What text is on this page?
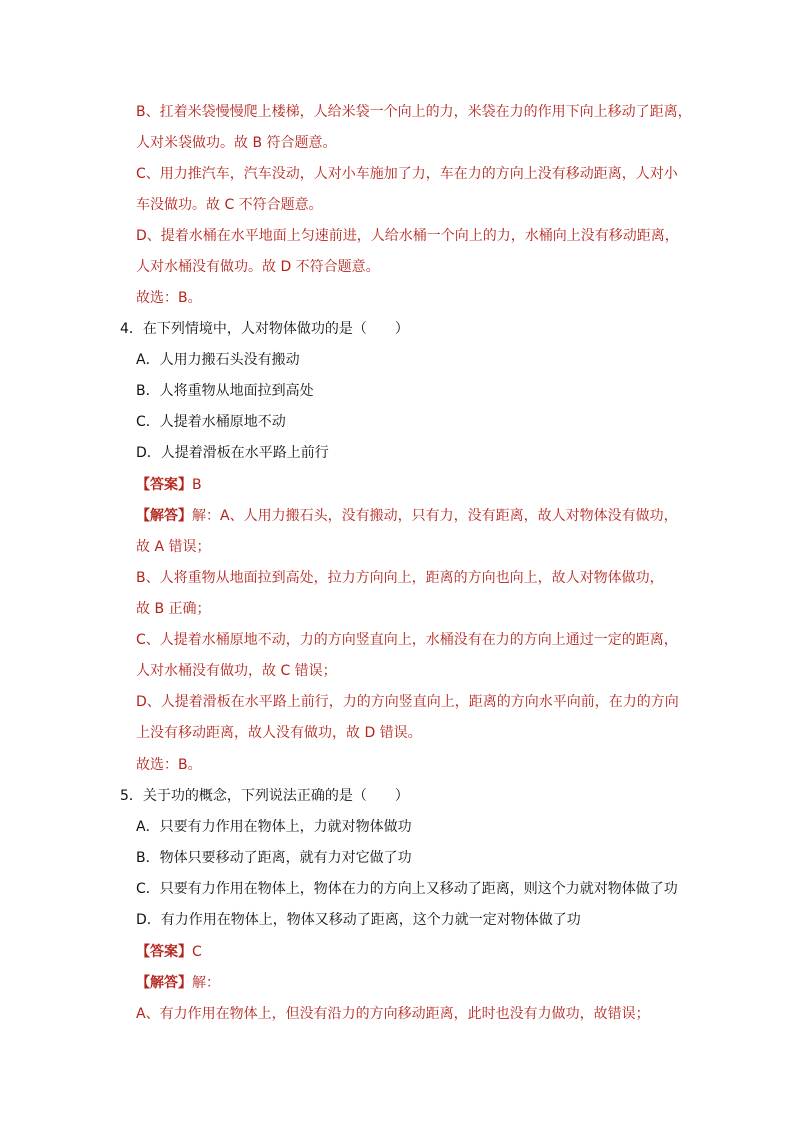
B、扛着米袋慢慢爬上楼梯，人给米袋一个向上的力，米袋在力的作用下向上移动了距离，
人对米袋做功。故 B 符合题意。
C、用力推汽车，汽车没动，人对小车施加了力，车在力的方向上没有移动距离，人对小
车没做功。故 C 不符合题意。
D、提着水桶在水平地面上匀速前进，人给水桶一个向上的力，水桶向上没有移动距离，
人对水桶没有做功。故 D 不符合题意。
故选：B。
4．在下列情境中，人对物体做功的是（　　）
A．人用力搬石头没有搬动
B．人将重物从地面拉到高处
C．人提着水桶原地不动
D．人提着滑板在水平路上前行
【答案】B
【解答】解：A、人用力搬石头，没有搬动，只有力，没有距离，故人对物体没有做功，
故 A 错误；
B、人将重物从地面拉到高处，拉力方向向上，距离的方向也向上，故人对物体做功，
故 B 正确；
C、人提着水桶原地不动，力的方向竖直向上，水桶没有在力的方向上通过一定的距离，
人对水桶没有做功，故 C 错误；
D、人提着滑板在水平路上前行，力的方向竖直向上，距离的方向水平向前，在力的方向
上没有移动距离，故人没有做功，故 D 错误。
故选：B。
5．关于功的概念，下列说法正确的是（　　）
A．只要有力作用在物体上，力就对物体做功
B．物体只要移动了距离，就有力对它做了功
C．只要有力作用在物体上，物体在力的方向上又移动了距离，则这个力就对物体做了功
D．有力作用在物体上，物体又移动了距离，这个力就一定对物体做了功
【答案】C
【解答】解：
A、有力作用在物体上，但没有沿力的方向移动距离，此时也没有力做功，故错误；
